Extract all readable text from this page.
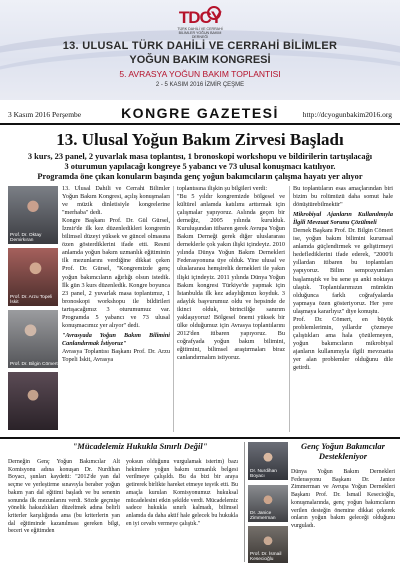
TDCY
TÜRK DAHİLİ VE CERRAHİ BİLİMLER YOĞUN BAKIM DERNEĞİ
13. ULUSAL TÜRK DAHİLİ VE CERRAHİ BİLİMLER
YOĞUN BAKIM KONGRESİ
5. AVRASYA YOĞUN BAKIM TOPLANTISI
2 - 5 KASIM 2016 İZMİR ÇEŞME
3 Kasım 2016 Perşembe	KONGRE GAZETESİ	http://dcyogunbakim2016.org
13. Ulusal Yoğun Bakım Zirvesi Başladı
3 kurs, 23 panel, 2 yuvarlak masa toplantısı, 1 bronoskopi workshopu ve bildirilerin tartışılacağı
3 oturumun yapılacağı kongreye 5 yabancı ve 73 ulusal konuşmacı katılıyor.
Programda öne çıkan konuların başında genç yoğun bakımcıların çalışma hayatı yer alıyor
Prof. Dr. Oktay Demirkıran
Prof. Dr. Arzu Topeli İskit
Prof. Dr. Bilgin Cömert

13. Ulusal Dahili ve Cerrahi Bilimler Yoğun Bakım Kongresi, açılış konuşmaları ve müzik dinletisiyle kongrelerine "merhaba" dedi.

Kongre Başkanı Prof. Dr. Gül Gürsel, İzmir'de ilk kez düzenledikleri kongrenin bilimsel düzeyi yüksek ve güncel olmasına özen gösterdiklerini ifade etti. Resmi anlamda yoğun bakım uzmanlık eğitiminin ilk mezunlarını verdiğine dikkat çeken Prof. Dr. Gürsel, "Kongremizde genç yoğun bakımcıların ağırlığı olsun istedik. İlk gün 3 kurs düzenledik. Kongre boyunca 23 panel, 2 yuvarlak masa toplantımız, 1 bronoskopi workshopu ile bildirileri tartışacağımız 3 oturumumuz var. Programda 5 yabancı ve 73 ulusal konuşmacımız yer alıyor" dedi.

"Avrasyada Yoğun Bakım Bilimini Canlandırmak İstiyoruz"

Avrasya Toplantısı Başkanı Prof. Dr. Arzu Topeli İskit, Avrasya

toplantısına ilişkin şu bilgileri verdi:

"Bu 5 yıldır kongremizde bölgesel ve kültürel anlamda katılımı arttırmak için çalışmalar yapıyoruz. Aslında geçen bir derneğiz, 2005 yılında kurulduk. Kuruluşundan itibaren gerek Avrupa Yoğun Bakım Derneği gerek diğer uluslararası derneklerle çok yakın ilişki içindeyiz. 2010 yılında Dünya Yoğun Bakım Dernekleri Federasyonuna üye olduk. Yine ulusal ve uluslararası hemşirelik dernekleri ile yakın ilişki içindeyiz. 2011 yılında Dünya Yoğun Bakım kongresi Türkiye'de yapmak için İstanbulda ilk kez adaylığımızı koyduk. 3 adaylık başvurumuz oldu ve hepsinde de ikinci olduk, birinciliğe sanırım yaklaşıyoruz! Bölgesel önemi yüksek bir ülke olduğumuz için Avrasya toplantılarını 2012'den itibaren yapıyoruz. Bu coğrafyada yoğun bakım bilimini, eğitimini, bilimsel araştırmaları biraz canlandırmalım istiyoruz.

Bu toplantıların esas amaçlarından biri bizim bu rolümüzü daha somut hale dönüştürebilmektir"

Mikrobiyal Ajanların Kullanılmıyla İlgili Mevzuat Sorunu Çözülmeli

Dernek Başkanı Prof. Dr. Bilgin Cömert ise, yoğun bakım bilimini kurumsal anlamda güçlendirmek ve geliştirmeyi hedeflediklerini ifade ederek, "2000'li yıllardan itibaren bu toplantıları yapıyoruz. Bilim sempozyumları başlamıştık ve bu sene şu anki noktaya ulaştık. Toplantılarımızın mümkün olduğunca farklı coğrafyalarda yapmaya özen gösteriyoruz. Her yere ulaşmaya kararlıyız" diye konuştu.

Prof. Dr. Cömert, en büyük problemlerimin, yıllardır çözmeye çalıştıkları ama hala çözülemeyen, yoğun bakımcıların mikrobiyal ajanların kullanımıyla ilgili mevzuatta yer alan problemler olduğunu dile getirdi.

"Mücadelemiz Hukukla Sınırlı Değil"
Derneğin Genç Yoğun Bakımcılar Alt Komisyonu adına konuşan Dr. Nurdihan Boyacı, şunları kaydetti: "2012'de yan dal seçme ve yerleştirme sınavıyla beraber yoğun bakım yan dal eğitimi başladı ve bu senenin sonunda ilk mezunlarını verdi. Sözde geçmişe yönelik haksızlıkları düzeltmek adına belirli kriterler karşılığında ama (bu kriterlerin yan dal eğitiminde kazanılması gereken bilgi, beceri ve eğitimden
yoksun olduğunu vurgulamak isterim) bazı hekimlere yoğun bakım uzmanlık belgesi verilmeye çalışıldı. Bu da bizi bir araya getirerek birlikte hareket etmeye teşvik etti. Bu amaçla kurulan Komisyonumuz hukuksal mücadelesini etkin şekilde verdi. Mücadelemiz sadece hukukla sınırlı kalmadı, bilimsel anlamda da daha aktif hale gelecek bu hukukla en iyi cevabı vermeye çalıştık."
Dr. Nurdihan Boyacı
Dr. Janice Zimmerman
Prof. Dr. İsmail Kesecioğlu
Genç Yoğun Bakımcılar Destekleniyor
Dünya Yoğun Bakım Dernekleri Federasyonu Başkanı Dr. Janice Zimmerman ve Avrupa Yoğun Dernekleri Başkanı Prof. Dr. İsmail Kesecioğlu, konuşmalarında, genç yoğun bakımcıların verilen desteğin önemine dikkat çekerek onların yoğun bakım geleceği olduğunu vurguladı.
